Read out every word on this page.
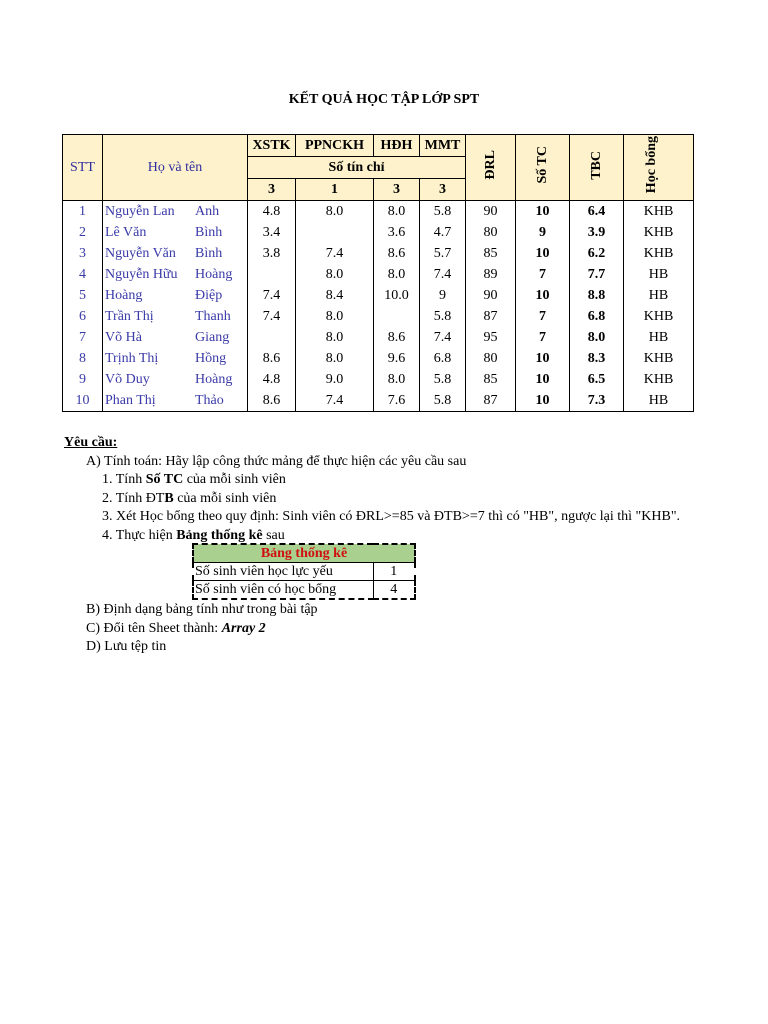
KẾT QUẢ HỌC TẬP LỚP SPT
STT	Họ và tên	XSTK	PPNCKH	HĐH	MMT	ĐRL	Số TC	TBC	Học bổng
		Số tín chỉ							
		3	1	3	3				
1	Nguyễn Lan Anh	4.8	8.0	8.0	5.8	90	10	6.4	KHB
2	Lê Văn Bình	3.4		3.6	4.7	80	9	3.9	KHB
3	Nguyễn Văn Bình	3.8	7.4	8.6	5.7	85	10	6.2	KHB
4	Nguyễn Hữu Hoàng		8.0	8.0	7.4	89	7	7.7	HB
5	Hoàng Điệp	7.4	8.4	10.0	9	90	10	8.8	HB
6	Trần Thị Thanh	7.4	8.0		5.8	87	7	6.8	KHB
7	Võ Hà Giang		8.0	8.6	7.4	95	7	8.0	HB
8	Trịnh Thị Hồng	8.6	8.0	9.6	6.8	80	10	8.3	KHB
9	Võ Duy Hoàng	4.8	9.0	8.0	5.8	85	10	6.5	KHB
10	Phan Thị Thảo	8.6	7.4	7.6	5.8	87	10	7.3	HB
Yêu cầu:
A) Tính toán: Hãy lập công thức mảng để thực hiện các yêu cầu sau
1. Tính Số TC của mỗi sinh viên
2. Tính ĐTB của mỗi sinh viên
3. Xét Học bổng theo quy định: Sinh viên có ĐRL>=85 và ĐTB>=7 thì có "HB", ngược lại thì "KHB".
4. Thực hiện Bảng thống kê sau
B) Định dạng bảng tính như trong bài tập
C) Đổi tên Sheet thành: Array 2
D) Lưu tệp tin
Bảng thống kê	
Số sinh viên học lực yếu	1
Số sinh viên có học bổng	4
